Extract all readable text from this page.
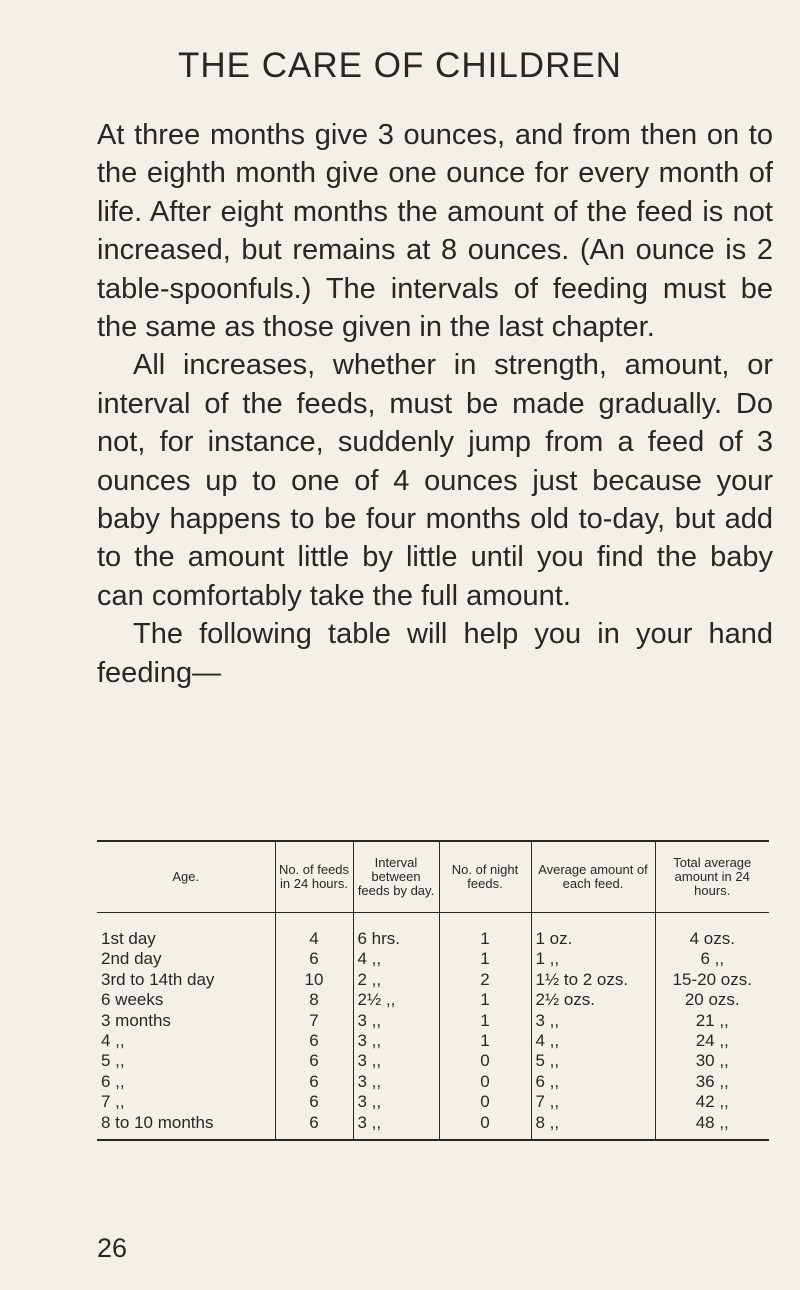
THE CARE OF CHILDREN

At three months give 3 ounces, and from then on to the eighth month give one ounce for every month of life. After eight months the amount of the feed is not increased, but remains at 8 ounces. (An ounce is 2 table-spoonfuls.) The intervals of feeding must be the same as those given in the last chapter.

All increases, whether in strength, amount, or interval of the feeds, must be made gradually. Do not, for instance, suddenly jump from a feed of 3 ounces up to one of 4 ounces just because your baby happens to be four months old to-day, but add to the amount little by little until you find the baby can comfortably take the full amount.

The following table will help you in your hand feeding—

Age.	No. of feeds in 24 hours.	Interval between feeds by day.	No. of night feeds.	Average amount of each feed.	Total average amount in 24 hours.
1st day	4	6 hrs.	1	1 oz.	4 ozs.
2nd day	6	4 ,,	1	1 ,,	6 ,,
3rd to 14th day	10	2 ,,	2	1½ to 2 ozs.	15-20 ozs.
6 weeks	8	2½ ,,	1	2½ ozs.	20 ozs.
3 months	7	3 ,,	1	3 ,,	21 ,,
4 ,,	6	3 ,,	1	4 ,,	24 ,,
5 ,,	6	3 ,,	0	5 ,,	30 ,,
6 ,,	6	3 ,,	0	6 ,,	36 ,,
7 ,,	6	3 ,,	0	7 ,,	42 ,,
8 to 10 months	6	3 ,,	0	8 ,,	48 ,,
26
